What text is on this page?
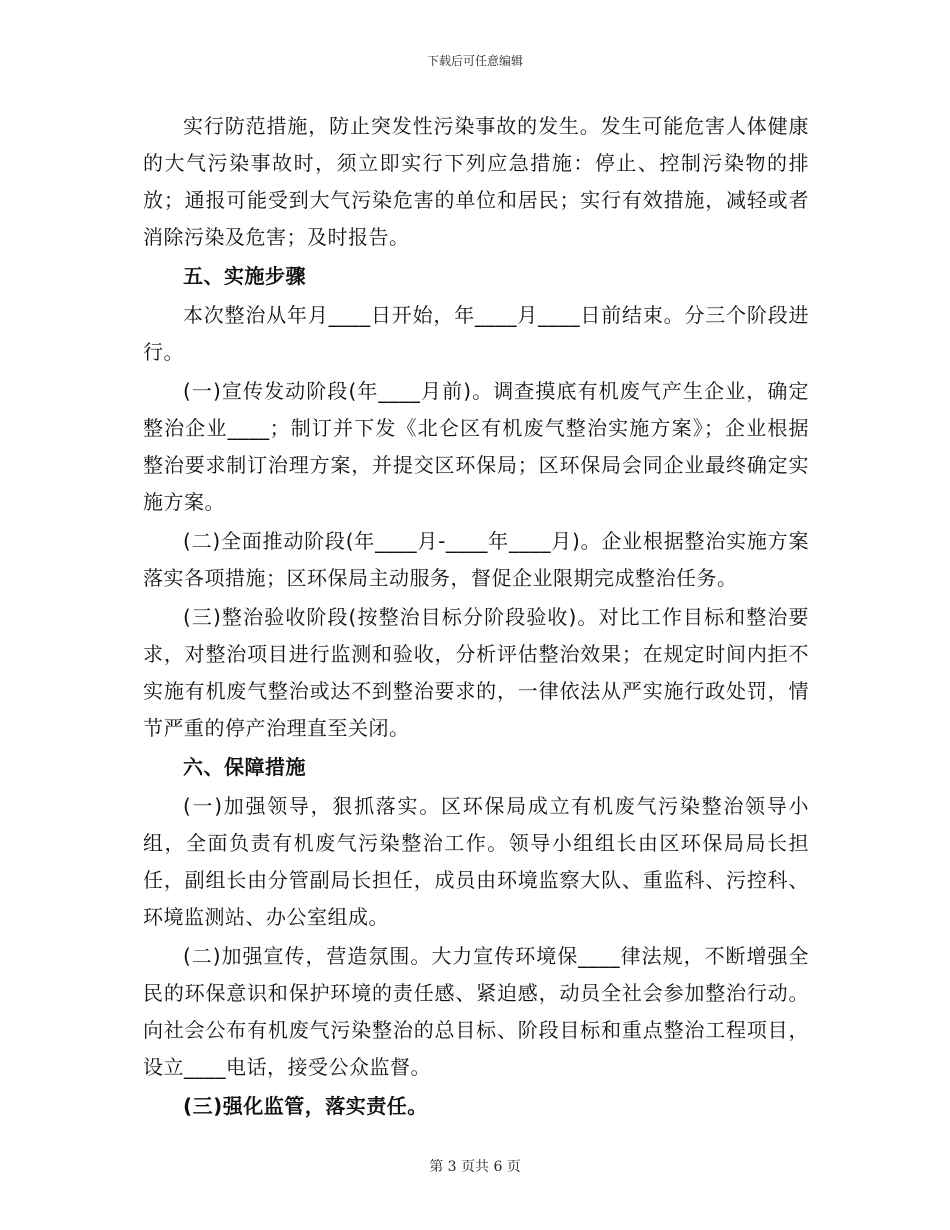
下载后可任意编辑

实行防范措施，防止突发性污染事故的发生。发生可能危害人体健康的大气污染事故时，须立即实行下列应急措施：停止、控制污染物的排放；通报可能受到大气污染危害的单位和居民；实行有效措施，减轻或者消除污染及危害；及时报告。

五、实施步骤

本次整治从年月____日开始，年____月____日前结束。分三个阶段进行。

(一)宣传发动阶段(年____月前)。调查摸底有机废气产生企业，确定整治企业____；制订并下发《北仑区有机废气整治实施方案》；企业根据整治要求制订治理方案，并提交区环保局；区环保局会同企业最终确定实施方案。

(二)全面推动阶段(年____月-____年____月)。企业根据整治实施方案落实各项措施；区环保局主动服务，督促企业限期完成整治任务。

(三)整治验收阶段(按整治目标分阶段验收)。对比工作目标和整治要求，对整治项目进行监测和验收，分析评估整治效果；在规定时间内拒不实施有机废气整治或达不到整治要求的，一律依法从严实施行政处罚，情节严重的停产治理直至关闭。

六、保障措施

(一)加强领导，狠抓落实。区环保局成立有机废气污染整治领导小组，全面负责有机废气污染整治工作。领导小组组长由区环保局局长担任，副组长由分管副局长担任，成员由环境监察大队、重监科、污控科、环境监测站、办公室组成。

(二)加强宣传，营造氛围。大力宣传环境保____律法规，不断增强全民的环保意识和保护环境的责任感、紧迫感，动员全社会参加整治行动。向社会公布有机废气污染整治的总目标、阶段目标和重点整治工程项目，设立____电话，接受公众监督。

(三)强化监管，落实责任。

第 3 页共 6 页
